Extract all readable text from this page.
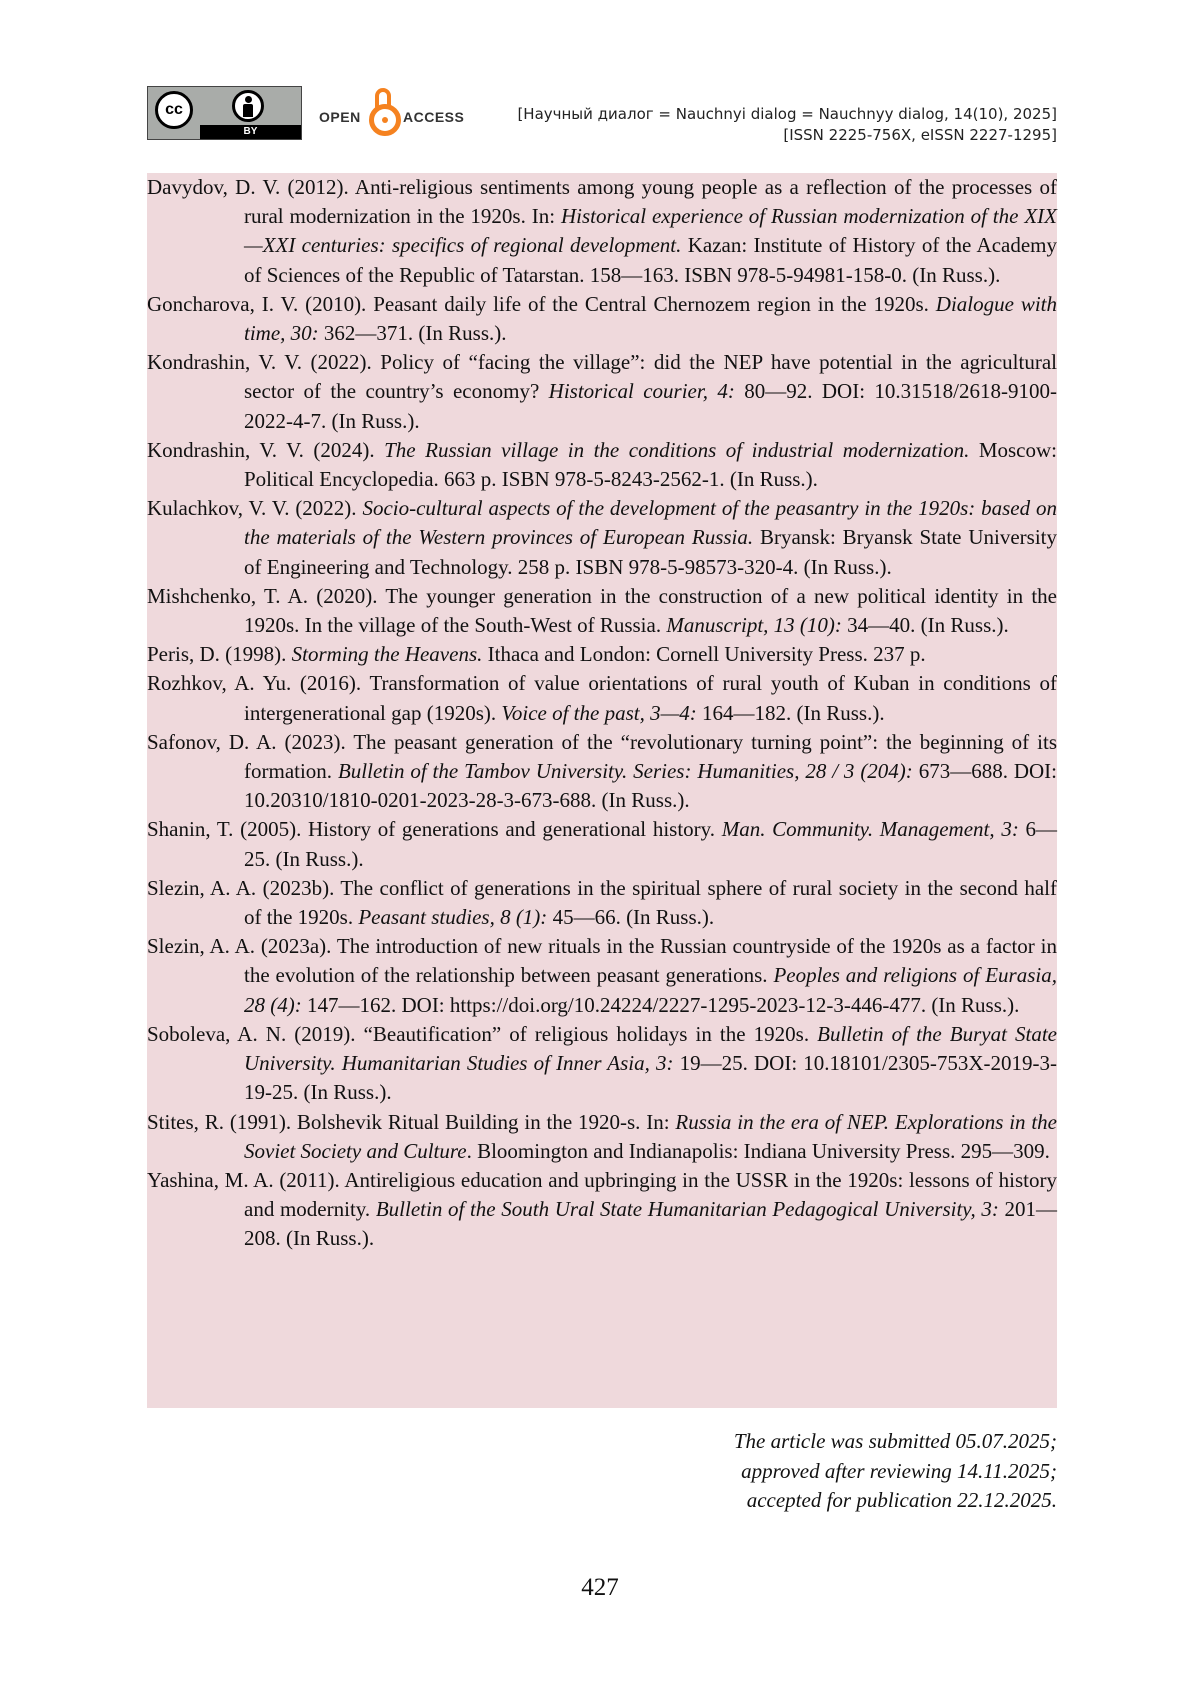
cc
BY
OPEN	ACCESS	[Научный диалог = Nauchnyi dialog = Nauchnyy dialog, 14(10), 2025]
[ISSN 2225-756X, eISSN 2227-1295]
Davydov, D. V. (2012). Anti-religious sentiments among young people as a reflection of the processes of rural modernization in the 1920s. In: Historical experience of Russian modernization of the XIX—XXI centuries: specifics of regional development. Kazan: Institute of History of the Academy of Sciences of the Republic of Tatarstan. 158—163. ISBN 978-5-94981-158-0. (In Russ.).
Goncharova, I. V. (2010). Peasant daily life of the Central Chernozem region in the 1920s. Dialogue with time, 30: 362—371. (In Russ.).
Kondrashin, V. V. (2022). Policy of “facing the village”: did the NEP have potential in the agricultural sector of the country’s economy? Historical courier, 4: 80—92. DOI: 10.31518/2618-9100-2022-4-7. (In Russ.).
Kondrashin, V. V. (2024). The Russian village in the conditions of industrial modernization. Moscow: Political Encyclopedia. 663 p. ISBN 978-5-8243-2562-1. (In Russ.).
Kulachkov, V. V. (2022). Socio-cultural aspects of the development of the peasantry in the 1920s: based on the materials of the Western provinces of European Russia. Bryansk: Bryansk State University of Engineering and Technology. 258 p. ISBN 978-5-98573-320-4. (In Russ.).
Mishchenko, T. A. (2020). The younger generation in the construction of a new political identity in the 1920s. In the village of the South-West of Russia. Manuscript, 13 (10): 34—40. (In Russ.).
Peris, D. (1998). Storming the Heavens. Ithaca and London: Cornell University Press. 237 p.
Rozhkov, A. Yu. (2016). Transformation of value orientations of rural youth of Kuban in conditions of intergenerational gap (1920s). Voice of the past, 3—4: 164—182. (In Russ.).
Safonov, D. A. (2023). The peasant generation of the “revolutionary turning point”: the beginning of its formation. Bulletin of the Tambov University. Series: Humanities, 28 / 3 (204): 673—688. DOI: 10.20310/1810-0201-2023-28-3-673-688. (In Russ.).
Shanin, T. (2005). History of generations and generational history. Man. Community. Management, 3: 6—25. (In Russ.).
Slezin, A. A. (2023b). The conflict of generations in the spiritual sphere of rural society in the second half of the 1920s. Peasant studies, 8 (1): 45—66. (In Russ.).
Slezin, A. A. (2023a). The introduction of new rituals in the Russian countryside of the 1920s as a factor in the evolution of the relationship between peasant generations. Peoples and religions of Eurasia, 28 (4): 147—162. DOI: https://doi.org/10.24224/2227-1295-2023-12-3-446-477. (In Russ.).
Soboleva, A. N. (2019). “Beautification” of religious holidays in the 1920s. Bulletin of the Buryat State University. Humanitarian Studies of Inner Asia, 3: 19—25. DOI: 10.18101/2305-753X-2019-3-19-25. (In Russ.).
Stites, R. (1991). Bolshevik Ritual Building in the 1920-s. In: Russia in the era of NEP. Explorations in the Soviet Society and Culture. Bloomington and Indianapolis: Indiana University Press. 295—309.
Yashina, M. A. (2011). Antireligious education and upbringing in the USSR in the 1920s: lessons of history and modernity. Bulletin of the South Ural State Humanitarian Pedagogical University, 3: 201—208. (In Russ.).
The article was submitted 05.07.2025;
approved after reviewing 14.11.2025;
accepted for publication 22.12.2025.
427
